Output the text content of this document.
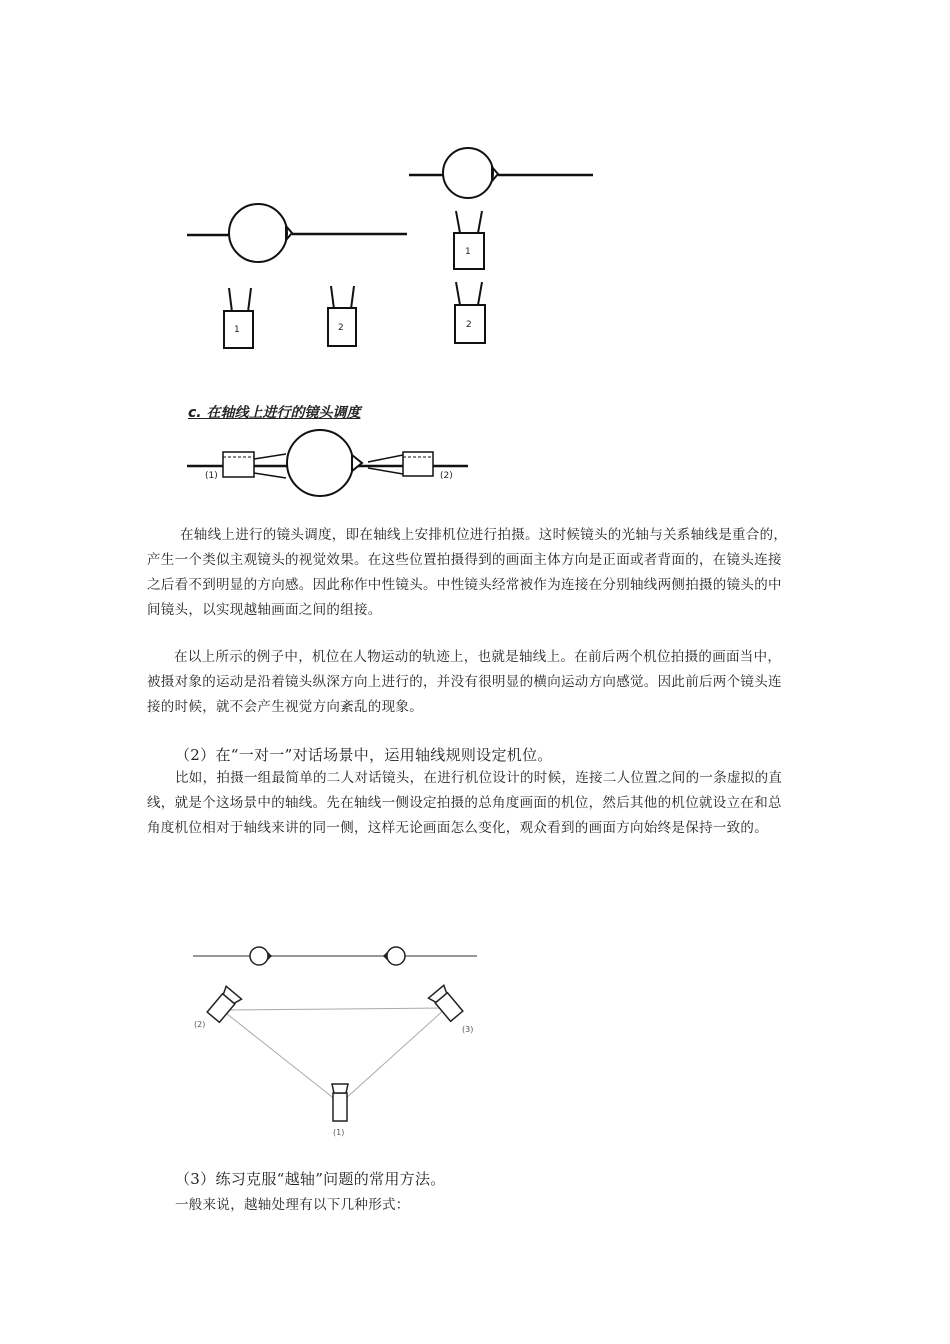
1	2
1
2
c. 在轴线上进行的镜头调度
(1)	(2)
在轴线上进行的镜头调度，即在轴线上安排机位进行拍摄。这时候镜头的光轴与关系轴线是重合的，
产生一个类似主观镜头的视觉效果。在这些位置拍摄得到的画面主体方向是正面或者背面的，在镜头连接
之后看不到明显的方向感。因此称作中性镜头。中性镜头经常被作为连接在分别轴线两侧拍摄的镜头的中
间镜头，以实现越轴画面之间的组接。
在以上所示的例子中，机位在人物运动的轨迹上，也就是轴线上。在前后两个机位拍摄的画面当中，
被摄对象的运动是沿着镜头纵深方向上进行的，并没有很明显的横向运动方向感觉。因此前后两个镜头连
接的时候，就不会产生视觉方向紊乱的现象。
（2）在“一对一”对话场景中，运用轴线规则设定机位。
比如，拍摄一组最简单的二人对话镜头，在进行机位设计的时候，连接二人位置之间的一条虚拟的直
线，就是个这场景中的轴线。先在轴线一侧设定拍摄的总角度画面的机位，然后其他的机位就设立在和总
角度机位相对于轴线来讲的同一侧，这样无论画面怎么变化，观众看到的画面方向始终是保持一致的。
(2)
(3)
(1)
（3）练习克服“越轴”问题的常用方法。
一般来说，越轴处理有以下几种形式：
